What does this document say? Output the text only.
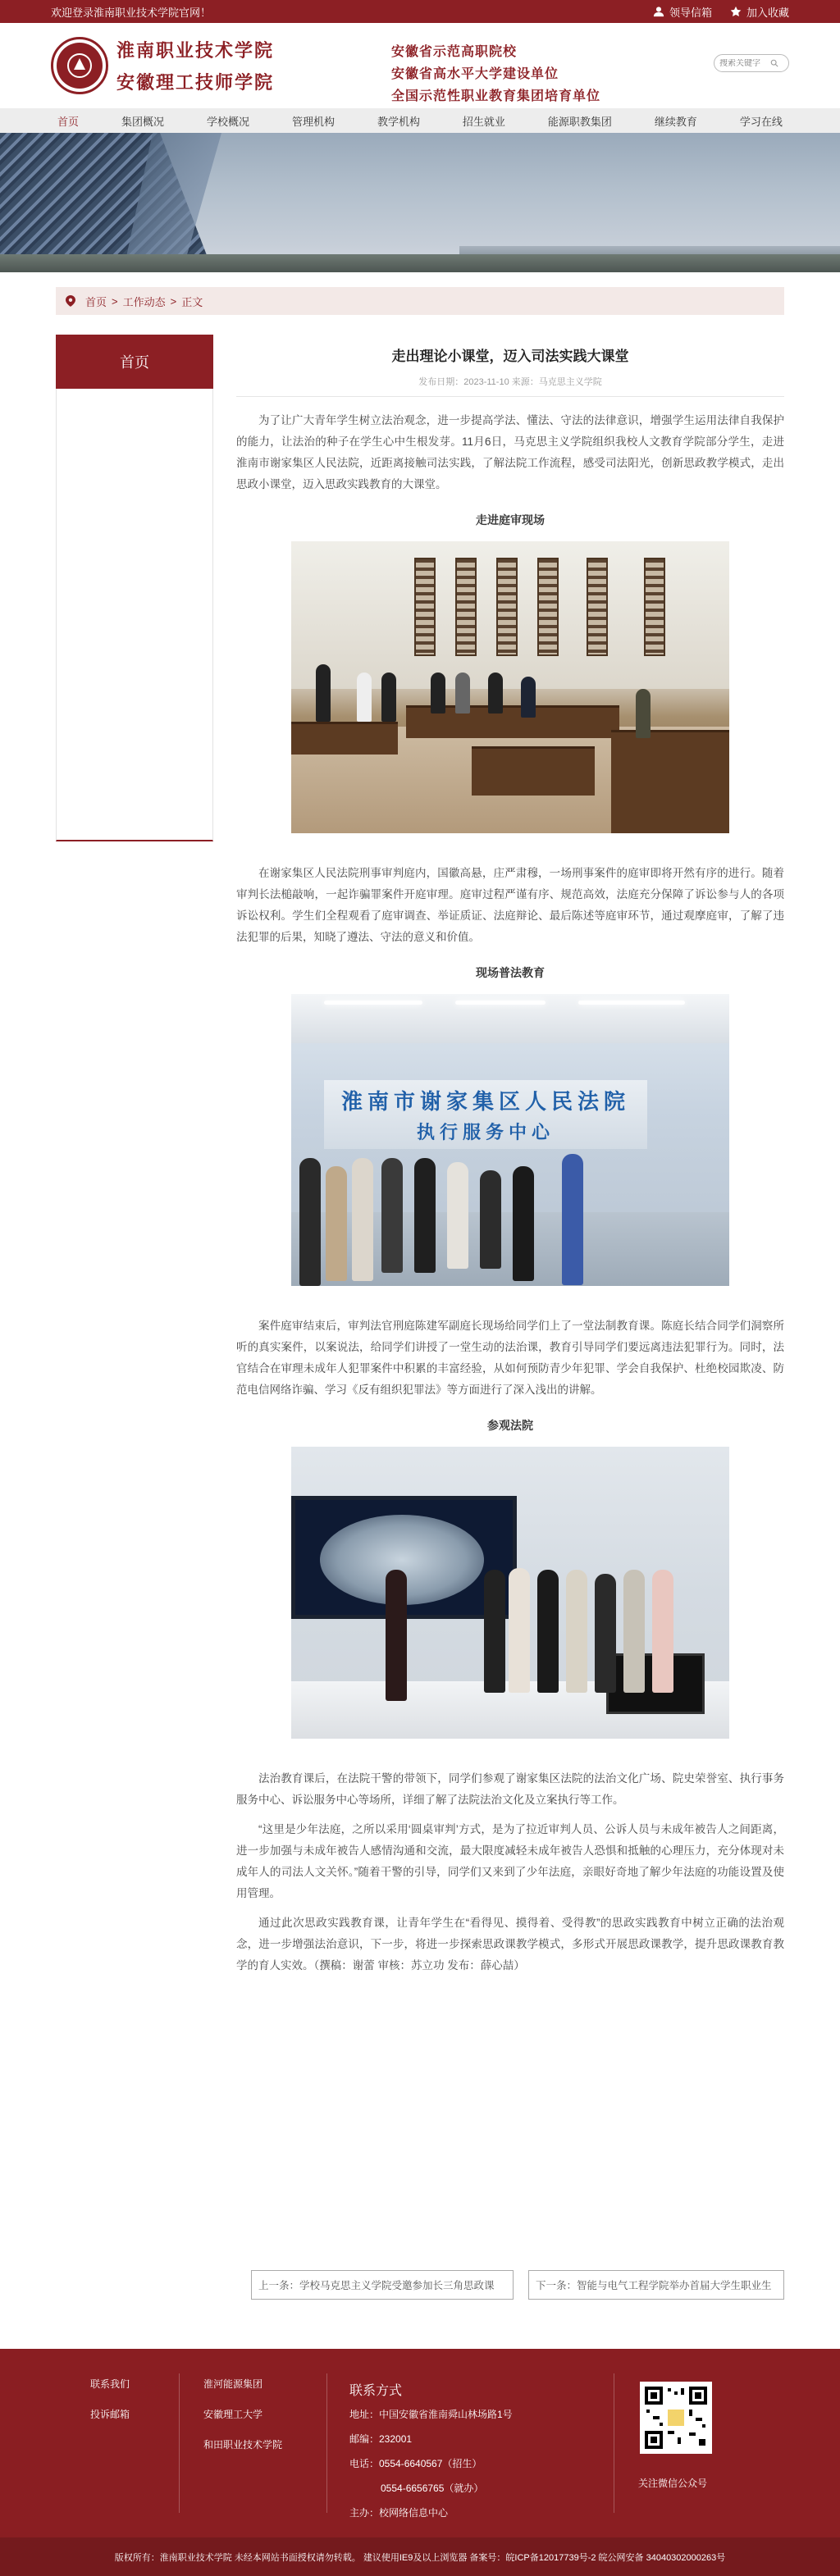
欢迎登录淮南职业技术学院官网！	领导信箱	加入收藏
淮南职业技术学院
安徽理工技师学院
安徽省示范高职院校
安徽省高水平大学建设单位
全国示范性职业教育集团培育单位
搜索关键字
首页	集团概况	学校概况	管理机构	教学机构	招生就业	能源职教集团	继续教育	学习在线
首页 > 工作动态 > 正文
首页	走出理论小课堂，迈入司法实践大课堂
发布日期：2023-11-10 来源：马克思主义学院

为了让广大青年学生树立法治观念，进一步提高学法、懂法、守法的法律意识，增强学生运用法律自我保护的能力，让法治的种子在学生心中生根发芽。11月6日，马克思主义学院组织我校人文教育学院部分学生，走进淮南市谢家集区人民法院，近距离接触司法实践，了解法院工作流程，感受司法阳光，创新思政教学模式，走出思政小课堂，迈入思政实践教育的大课堂。

走进庭审现场

在谢家集区人民法院刑事审判庭内，国徽高悬，庄严肃穆，一场刑事案件的庭审即将开然有序的进行。随着审判长法槌敲响，一起诈骗罪案件开庭审理。庭审过程严谨有序、规范高效，法庭充分保障了诉讼参与人的各项诉讼权利。学生们全程观看了庭审调查、举证质证、法庭辩论、最后陈述等庭审环节，通过观摩庭审，了解了违法犯罪的后果，知晓了遵法、守法的意义和价值。

现场普法教育
淮南市谢家集区人民法院
执行服务中心

案件庭审结束后，审判法官刑庭陈建军副庭长现场给同学们上了一堂法制教育课。陈庭长结合同学们洞察所听的真实案件，以案说法，给同学们讲授了一堂生动的法治课，教育引导同学们要远离违法犯罪行为。同时，法官结合在审理未成年人犯罪案件中积累的丰富经验，从如何预防青少年犯罪、学会自我保护、杜绝校园欺凌、防范电信网络诈骗、学习《反有组织犯罪法》等方面进行了深入浅出的讲解。

参观法院

法治教育课后，在法院干警的带领下，同学们参观了谢家集区法院的法治文化广场、院史荣誉室、执行事务服务中心、诉讼服务中心等场所，详细了解了法院法治文化及立案执行等工作。

“这里是少年法庭，之所以采用‘圆桌审判’方式，是为了拉近审判人员、公诉人员与未成年被告人之间距离，进一步加强与未成年被告人感情沟通和交流，最大限度减轻未成年被告人恐惧和抵触的心理压力，充分体现对未成年人的司法人文关怀。”随着干警的引导，同学们又来到了少年法庭，亲眼好奇地了解少年法庭的功能设置及使用管理。

通过此次思政实践教育课，让青年学生在“看得见、摸得着、受得教”的思政实践教育中树立正确的法治观念，进一步增强法治意识，下一步，将进一步探索思政课教学模式，多形式开展思政课教学，提升思政课教育教学的育人实效。（撰稿：谢蕾 审核：苏立功 发布：薛心喆）

上一条：学校马克思主义学院受邀参加长三角思政课	下一条：智能与电气工程学院举办首届大学生职业生
联系我们
投诉邮箱
淮河能源集团
安徽理工大学
和田职业技术学院
联系方式
地址：中国安徽省淮南舜山林场路1号
邮编：232001
电话：0554-6640567（招生）
0554-6656765（就办）
主办：校网络信息中心
关注微信公众号
版权所有：淮南职业技术学院 未经本网站书面授权请勿转载。 建议使用IE9及以上浏览器 备案号：皖ICP备12017739号-2 皖公网安备 34040302000263号
